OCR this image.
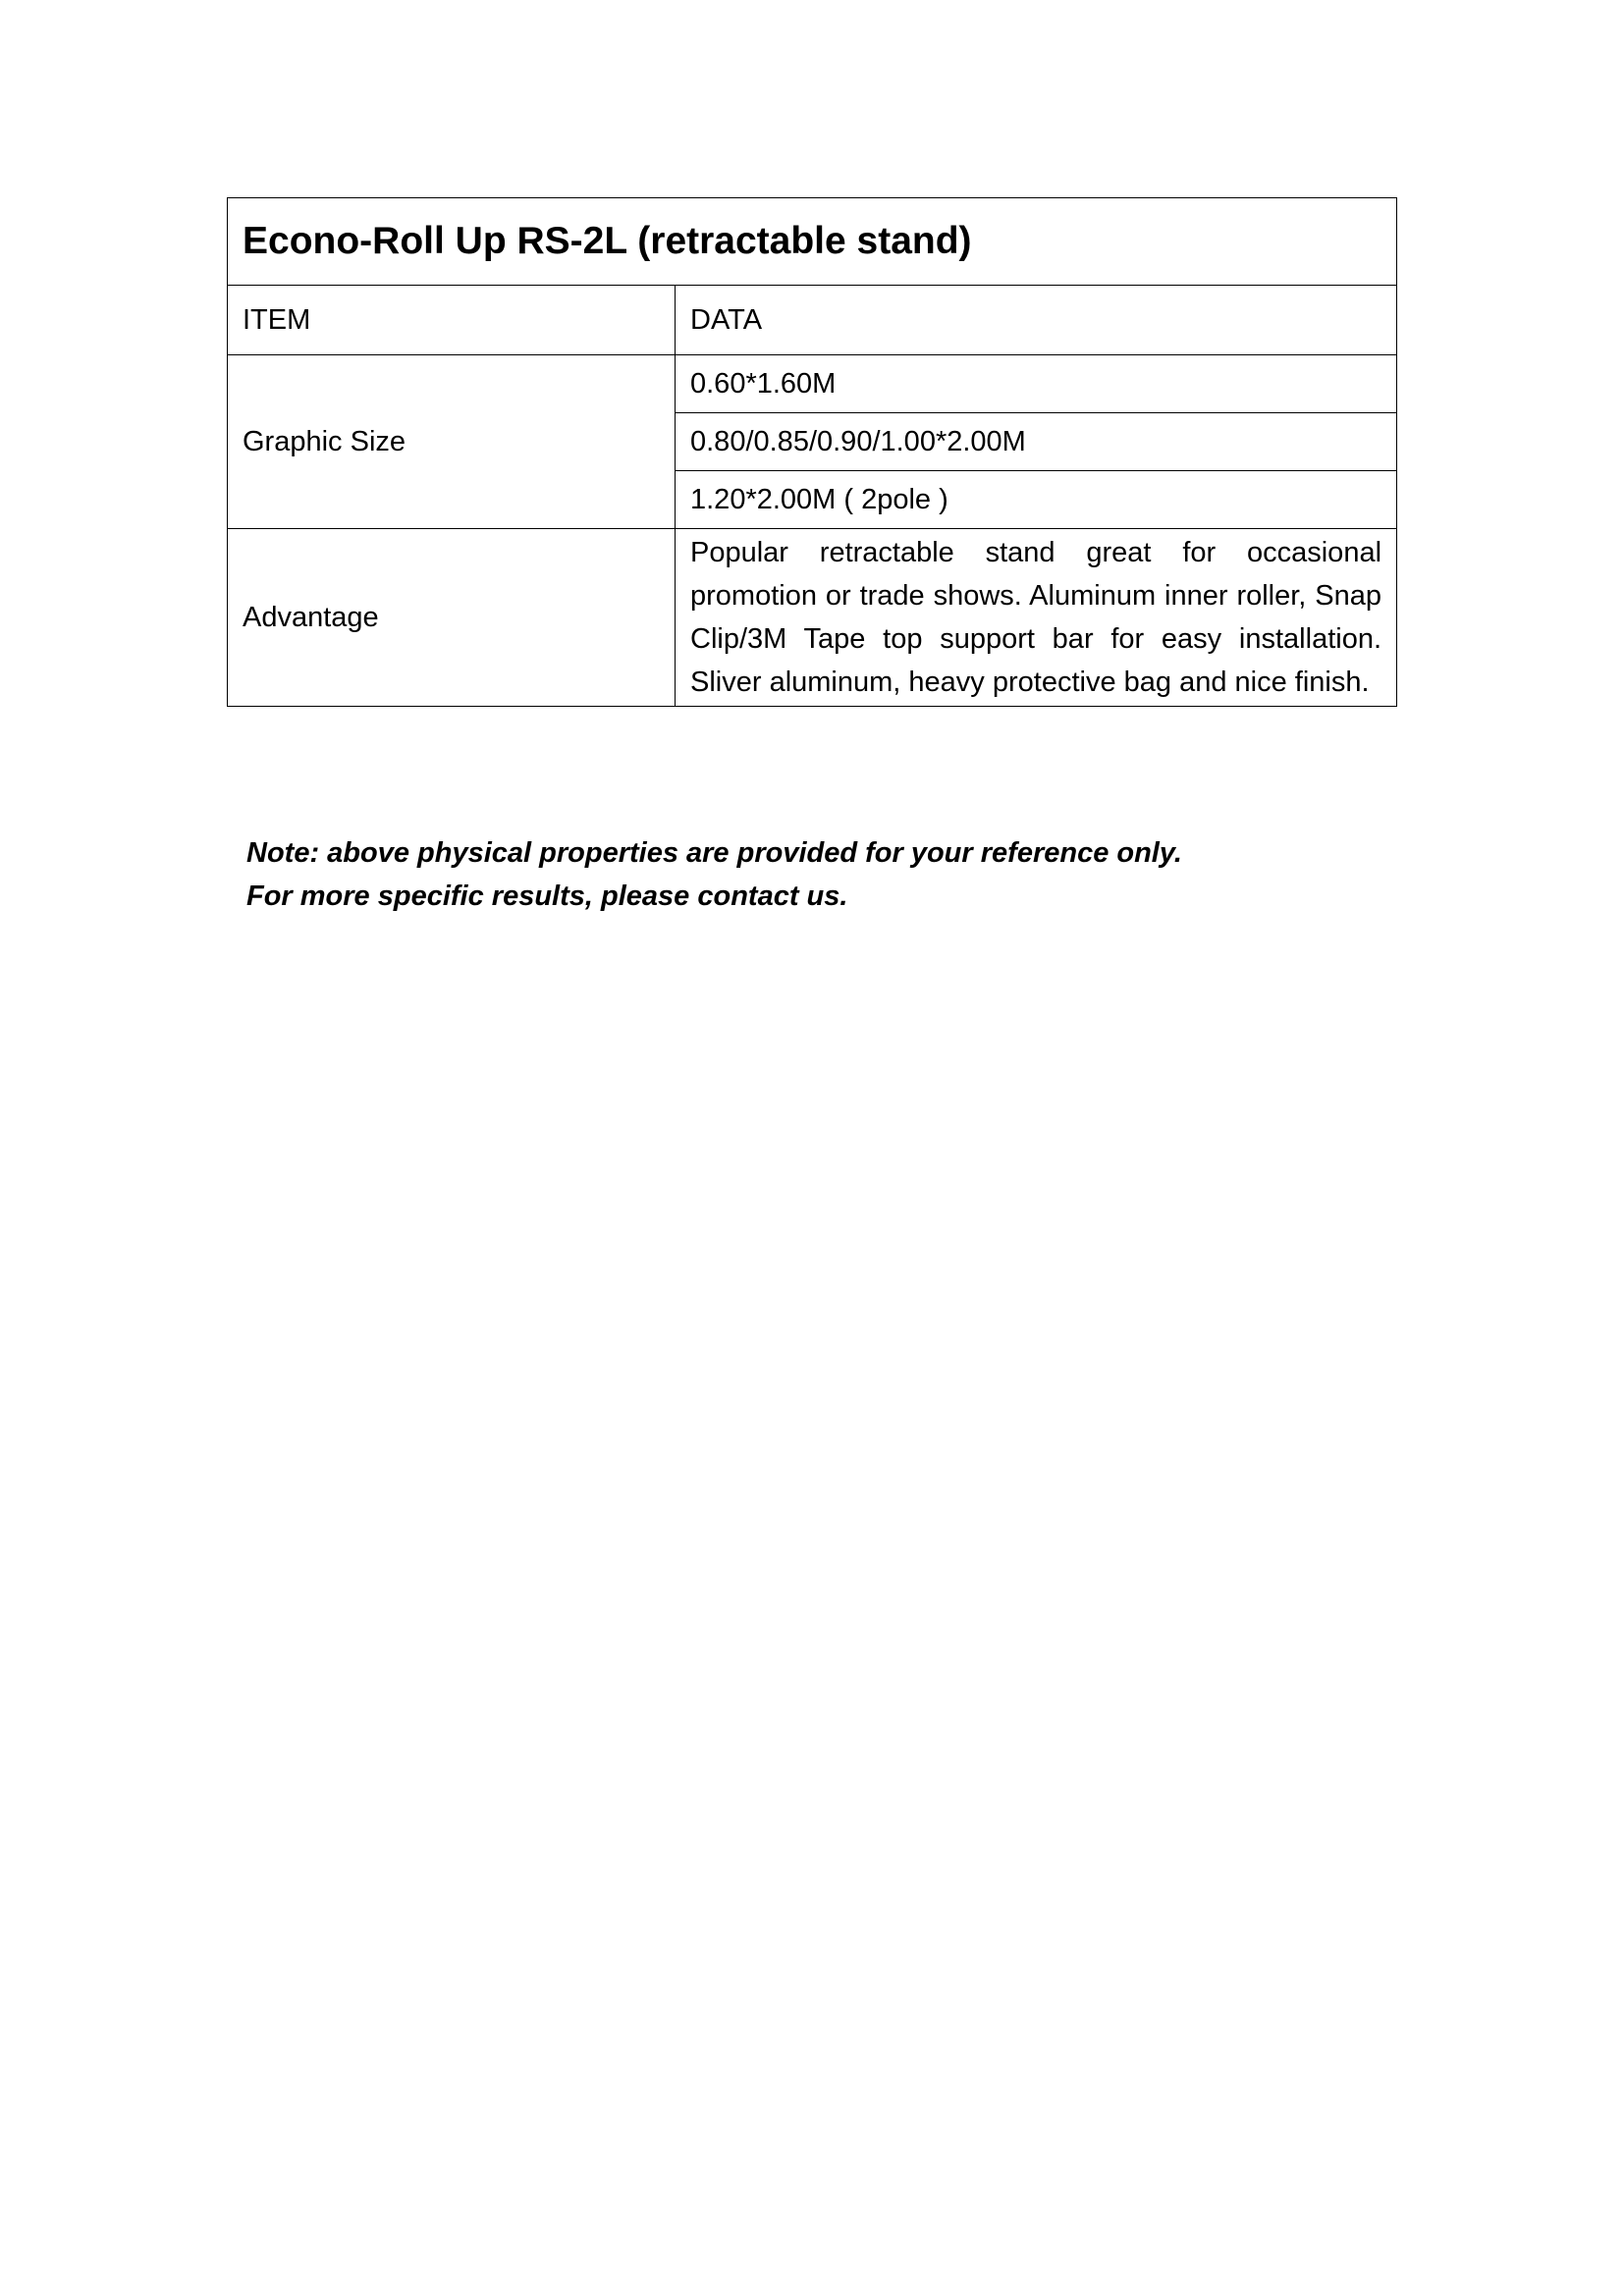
Econo-Roll Up RS-2L (retractable stand)	
ITEM	DATA
Graphic Size	0.60*1.60M
	0.80/0.85/0.90/1.00*2.00M
	1.20*2.00M ( 2pole )
Advantage	Popular retractable stand great for occasional promotion or trade shows. Aluminum inner roller, Snap Clip/3M Tape top support bar for easy installation. Sliver aluminum, heavy protective bag and nice finish.
Note: above physical properties are provided for your reference only.
For more specific results, please contact us.
